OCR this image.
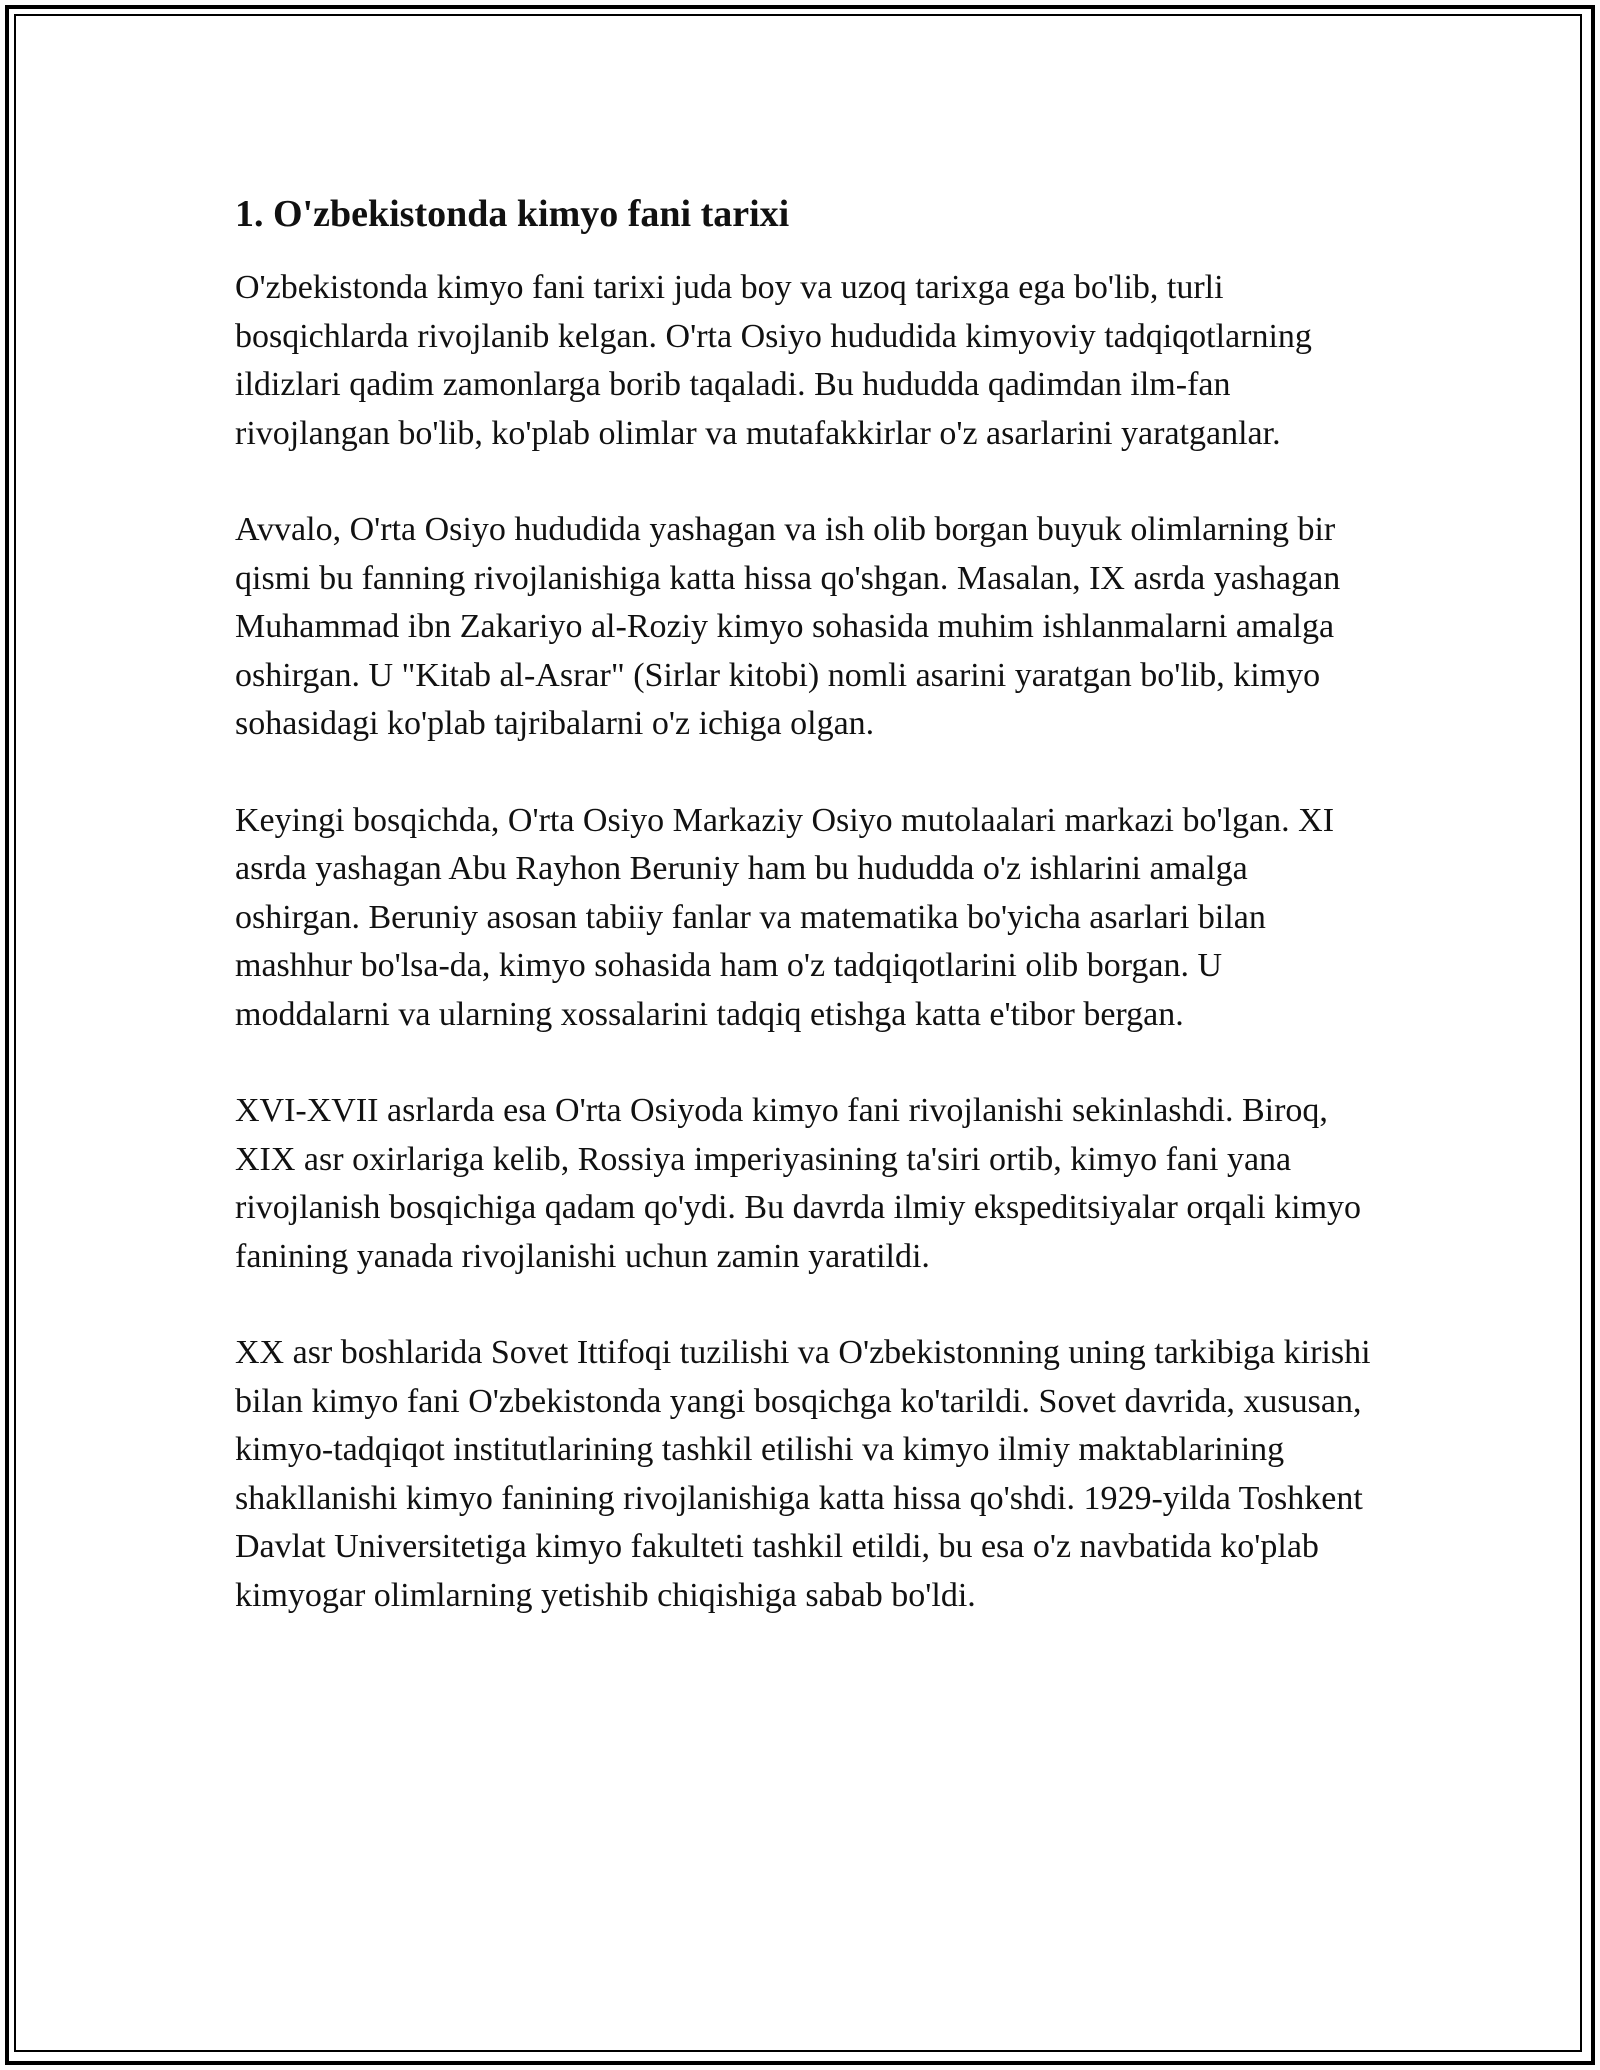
1. O'zbekistonda kimyo fani tarixi

O'zbekistonda kimyo fani tarixi juda boy va uzoq tarixga ega bo'lib, turli bosqichlarda rivojlanib kelgan. O'rta Osiyo hududida kimyoviy tadqiqotlarning ildizlari qadim zamonlarga borib taqaladi. Bu hududda qadimdan ilm-fan rivojlangan bo'lib, ko'plab olimlar va mutafakkirlar o'z asarlarini yaratganlar.

Avvalo, O'rta Osiyo hududida yashagan va ish olib borgan buyuk olimlarning bir qismi bu fanning rivojlanishiga katta hissa qo'shgan. Masalan, IX asrda yashagan Muhammad ibn Zakariyo al-Roziy kimyo sohasida muhim ishlanmalarni amalga oshirgan. U "Kitab al-Asrar" (Sirlar kitobi) nomli asarini yaratgan bo'lib, kimyo sohasidagi ko'plab tajribalarni o'z ichiga olgan.

Keyingi bosqichda, O'rta Osiyo Markaziy Osiyo mutolaalari markazi bo'lgan. XI asrda yashagan Abu Rayhon Beruniy ham bu hududda o'z ishlarini amalga oshirgan. Beruniy asosan tabiiy fanlar va matematika bo'yicha asarlari bilan mashhur bo'lsa-da, kimyo sohasida ham o'z tadqiqotlarini olib borgan. U moddalarni va ularning xossalarini tadqiq etishga katta e'tibor bergan.

XVI-XVII asrlarda esa O'rta Osiyoda kimyo fani rivojlanishi sekinlashdi. Biroq, XIX asr oxirlariga kelib, Rossiya imperiyasining ta'siri ortib, kimyo fani yana rivojlanish bosqichiga qadam qo'ydi. Bu davrda ilmiy ekspeditsiyalar orqali kimyo fanining yanada rivojlanishi uchun zamin yaratildi.

XX asr boshlarida Sovet Ittifoqi tuzilishi va O'zbekistonning uning tarkibiga kirishi bilan kimyo fani O'zbekistonda yangi bosqichga ko'tarildi. Sovet davrida, xususan, kimyo-tadqiqot institutlarining tashkil etilishi va kimyo ilmiy maktablarining shakllanishi kimyo fanining rivojlanishiga katta hissa qo'shdi. 1929-yilda Toshkent Davlat Universitetiga kimyo fakulteti tashkil etildi, bu esa o'z navbatida ko'plab kimyogar olimlarning yetishib chiqishiga sabab bo'ldi.
